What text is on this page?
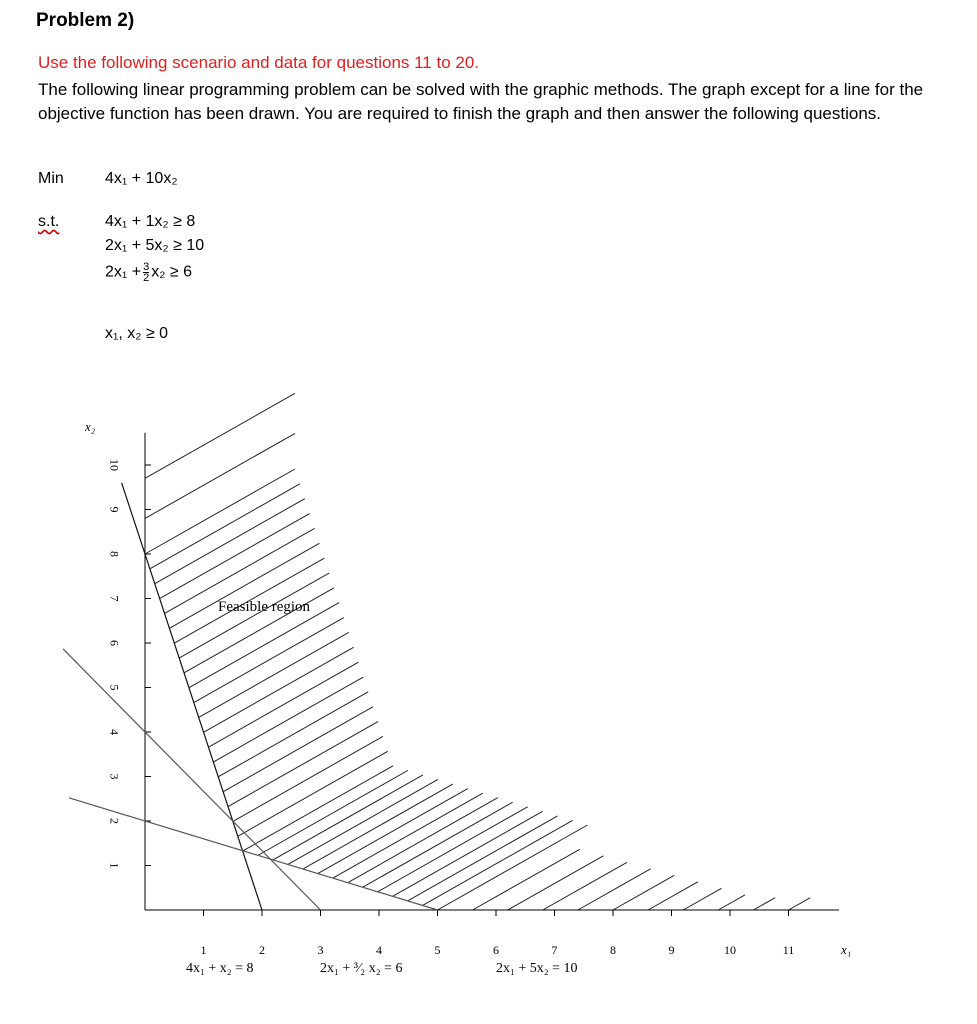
Problem 2)
Use the following scenario and data for questions 11 to 20.
The following linear programming problem can be solved with the graphic methods. The graph except for a line for the objective function has been drawn. You are required to finish the graph and then answer the following questions.
Min	4x₁ + 10x₂
s.t.	4x₁ + 1x₂ ≥ 8
2x₁ + 5x₂ ≥ 10
$2x_1 + \frac{3}{2} x_2 \ge 6$
x₁, x₂ ≥ 0
1	2	3	4	5	6	7	8	9	10	11
1
2
3
4
5
6
7
8
9
10
Feasible region
x₂
x₁
4x₁ + x₂ = 8	2x₁ + ³⁄₂ x₂ = 6	2x₁ + 5x₂ = 10
